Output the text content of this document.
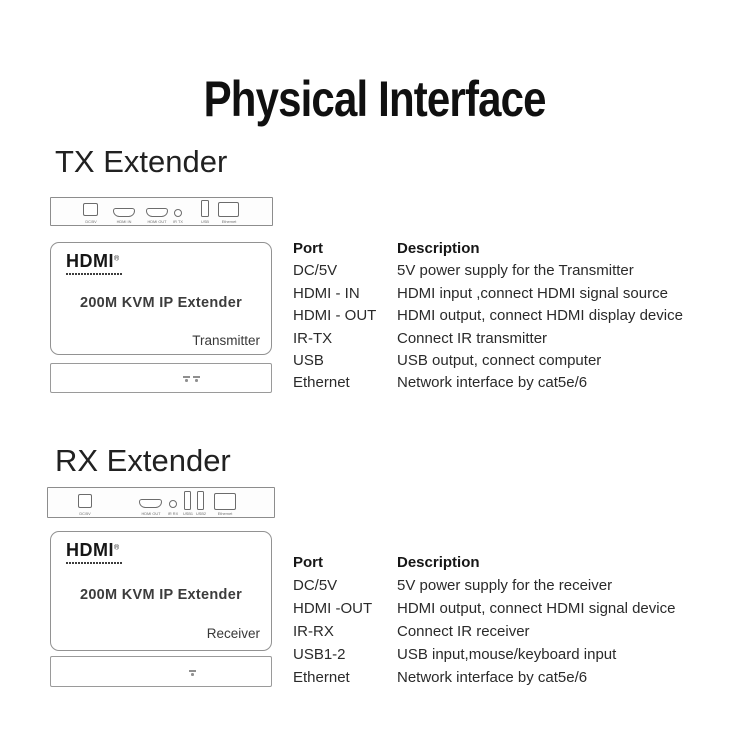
Physical Interface
TX Extender
DC/5V	HDMI IN HDMI OUT IR TX	USB Ethernet
HDMI®
200M KVM IP Extender
Transmitter
Port	Description
DC/5V	5V power supply for the Transmitter
HDMI - IN	HDMI input ,connect HDMI signal source
HDMI - OUT	HDMI output, connect HDMI display device
IR-TX	Connect IR transmitter
USB	USB output, connect computer
Ethernet	Network interface by cat5e/6
RX Extender
DC/5V	HDMI OUT IR RX USB1 USB2 Ethernet
HDMI®
200M KVM IP Extender
Receiver
Port	Description
DC/5V	5V power supply for the receiver
HDMI -OUT	HDMI output, connect HDMI signal device
IR-RX	Connect IR receiver
USB1-2	USB input,mouse/keyboard input
Ethernet	Network interface by cat5e/6
